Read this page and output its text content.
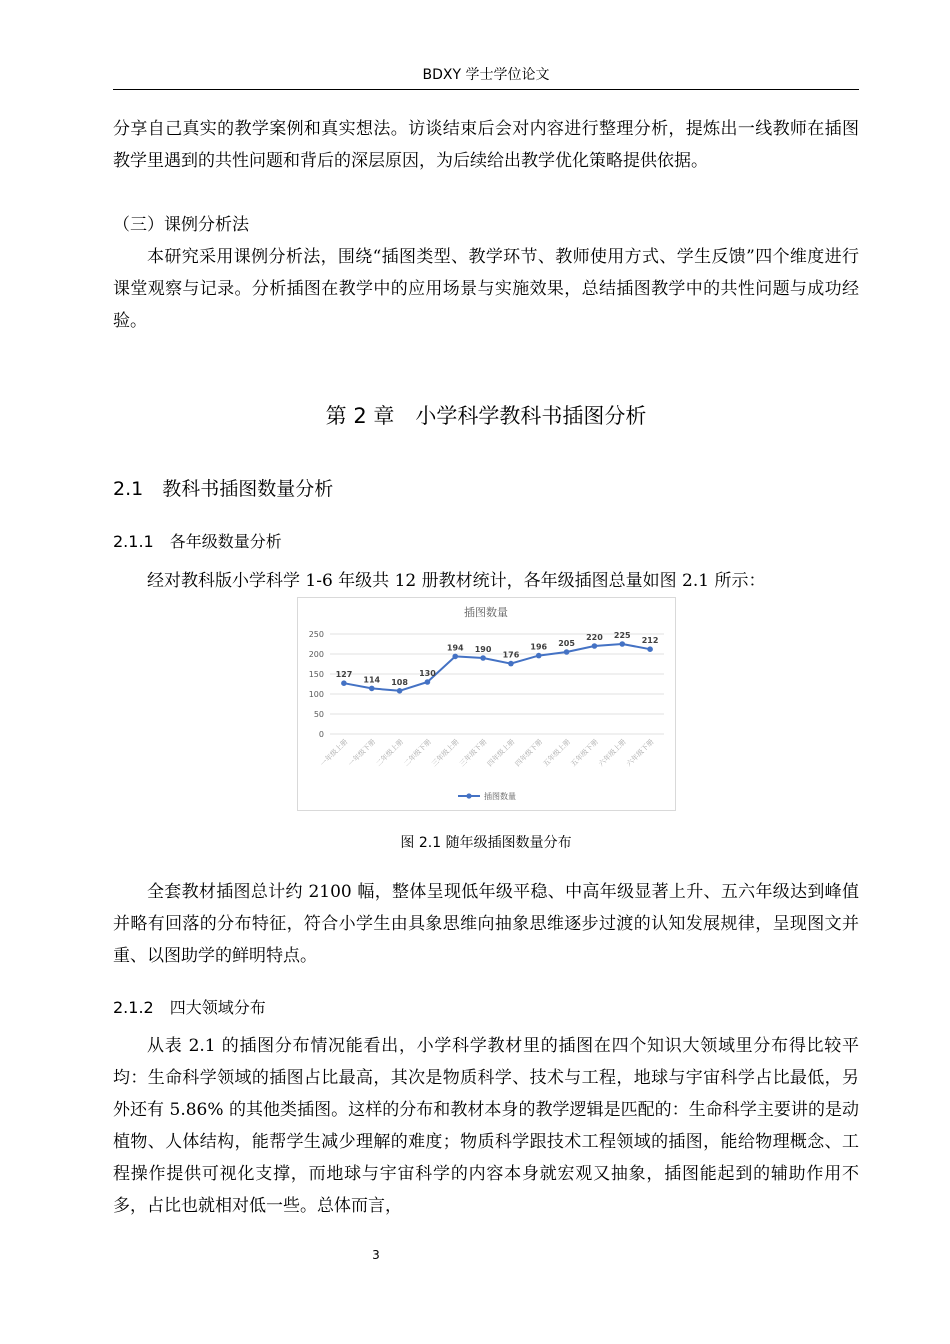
BDXY 学士学位论文

分享自己真实的教学案例和真实想法。访谈结束后会对内容进行整理分析，提炼出一线教师在插图教学里遇到的共性问题和背后的深层原因，为后续给出教学优化策略提供依据。

（三）课例分析法

本研究采用课例分析法，围绕“插图类型、教学环节、教师使用方式、学生反馈”四个维度进行课堂观察与记录。分析插图在教学中的应用场景与实施效果，总结插图教学中的共性问题与成功经验。

第 2 章　小学科学教科书插图分析
2.1　教科书插图数量分析
2.1.1　各年级数量分析

经对教科版小学科学 1-6 年级共 12 册教材统计，各年级插图总量如图 2.1 所示：

插图数量
0
50
100
150
200
250
一年级上册
一年级下册
二年级上册
二年级下册
三年级上册
三年级下册
四年级上册
四年级下册
五年级上册
五年级下册
六年级上册
六年级下册
127
114 108
130
194 190
176
196 205
220 225
212
插图数量
图 2.1 随年级插图数量分布

全套教材插图总计约 2100 幅，整体呈现低年级平稳、中高年级显著上升、五六年级达到峰值并略有回落的分布特征，符合小学生由具象思维向抽象思维逐步过渡的认知发展规律，呈现图文并重、以图助学的鲜明特点。

2.1.2　四大领域分布

从表 2.1 的插图分布情况能看出，小学科学教材里的插图在四个知识大领域里分布得比较平均：生命科学领域的插图占比最高，其次是物质科学、技术与工程，地球与宇宙科学占比最低，另外还有 5.86% 的其他类插图。这样的分布和教材本身的教学逻辑是匹配的：生命科学主要讲的是动植物、人体结构，能帮学生减少理解的难度；物质科学跟技术工程领域的插图，能给物理概念、工程操作提供可视化支撑，而地球与宇宙科学的内容本身就宏观又抽象，插图能起到的辅助作用不多，占比也就相对低一些。总体而言，

3
